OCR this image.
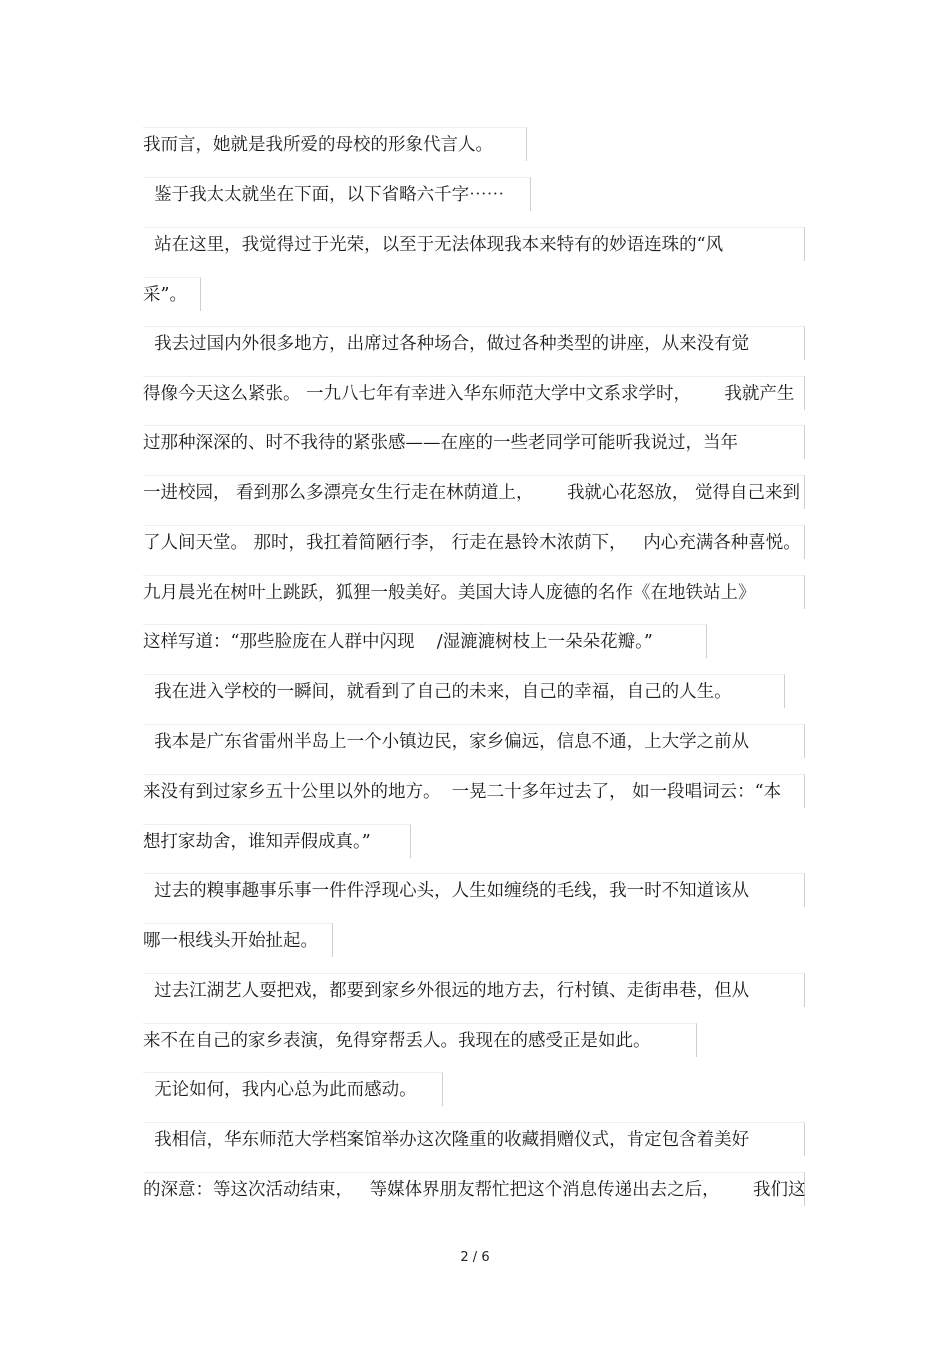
我而言，她就是我所爱的母校的形象代言人。
鉴于我太太就坐在下面，以下省略六千字⋯⋯
站在这里，我觉得过于光荣，以至于无法体现我本来特有的妙语连珠的“风
采”。
我去过国内外很多地方，出席过各种场合，做过各种类型的讲座，从来没有觉
得像今天这么紧张。 一九八七年有幸进入华东师范大学中文系求学时，      我就产生
过那种深深的、时不我待的紧张感——在座的一些老同学可能听我说过，当年
一进校园， 看到那么多漂亮女生行走在林荫道上，      我就心花怒放， 觉得自己来到
了人间天堂。 那时，我扛着简陋行李， 行走在悬铃木浓荫下，   内心充满各种喜悦。
九月晨光在树叶上跳跃，狐狸一般美好。美国大诗人庞德的名作《在地铁站上》
这样写道：“那些脸庞在人群中闪现    /湿漉漉树枝上一朵朵花瓣。”
我在进入学校的一瞬间，就看到了自己的未来，自己的幸福，自己的人生。
我本是广东省雷州半岛上一个小镇边民，家乡偏远，信息不通，上大学之前从
来没有到过家乡五十公里以外的地方。  一晃二十多年过去了， 如一段唱词云：“本
想打家劫舍，谁知弄假成真。”
过去的糗事趣事乐事一件件浮现心头，人生如缠绕的毛线，我一时不知道该从
哪一根线头开始扯起。
过去江湖艺人耍把戏，都要到家乡外很远的地方去，行村镇、走街串巷，但从
来不在自己的家乡表演，免得穿帮丢人。我现在的感受正是如此。
无论如何，我内心总为此而感动。
我相信，华东师范大学档案馆举办这次隆重的收藏捐赠仪式，肯定包含着美好
的深意：等这次活动结束，   等媒体界朋友帮忙把这个消息传递出去之后，      我们这
2 / 6
